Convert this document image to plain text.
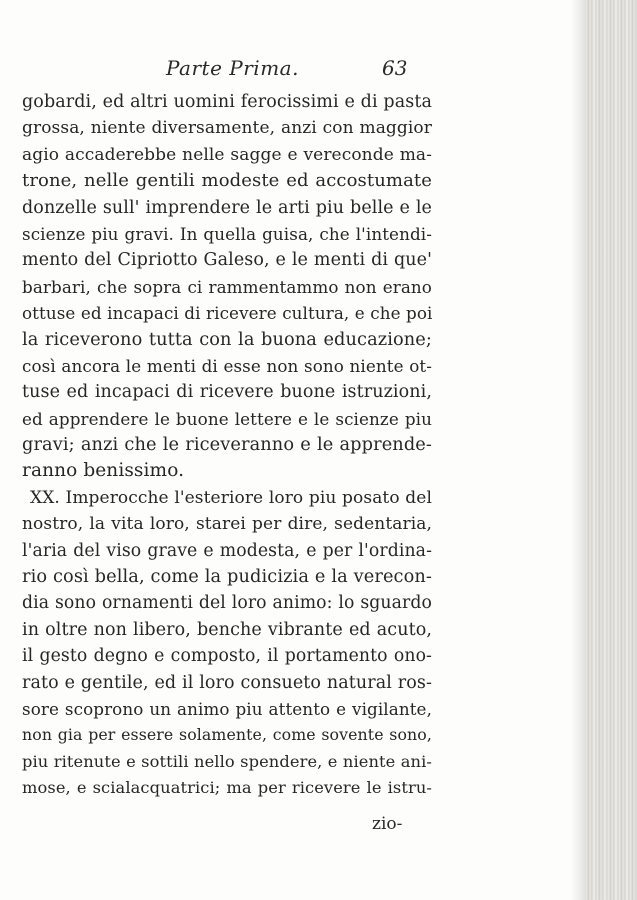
Parte Prima.	63
gobardi, ed altri uomini ferocissimi e di pasta
grossa, niente diversamente, anzi con maggior
agio accaderebbe nelle sagge e vereconde ma-
trone, nelle gentili modeste ed accostumate
donzelle sull' imprendere le arti piu belle e le
scienze piu gravi. In quella guisa, che l'intendi-
mento del Cipriotto Galeso, e le menti di que'
barbari, che sopra ci rammentammo non erano
ottuse ed incapaci di ricevere cultura, e che poi
la riceverono tutta con la buona educazione;
così ancora le menti di esse non sono niente ot-
tuse ed incapaci di ricevere buone istruzioni,
ed apprendere le buone lettere e le scienze piu
gravi; anzi che le riceveranno e le apprende-
ranno benissimo.
XX. Imperocche l'esteriore loro piu posato del
nostro, la vita loro, starei per dire, sedentaria,
l'aria del viso grave e modesta, e per l'ordina-
rio così bella, come la pudicizia e la verecon-
dia sono ornamenti del loro animo: lo sguardo
in oltre non libero, benche vibrante ed acuto,
il gesto degno e composto, il portamento ono-
rato e gentile, ed il loro consueto natural ros-
sore scoprono un animo piu attento e vigilante,
non gia per essere solamente, come sovente sono,
piu ritenute e sottili nello spendere, e niente ani-
mose, e scialacquatrici; ma per ricevere le istru-
zio-
